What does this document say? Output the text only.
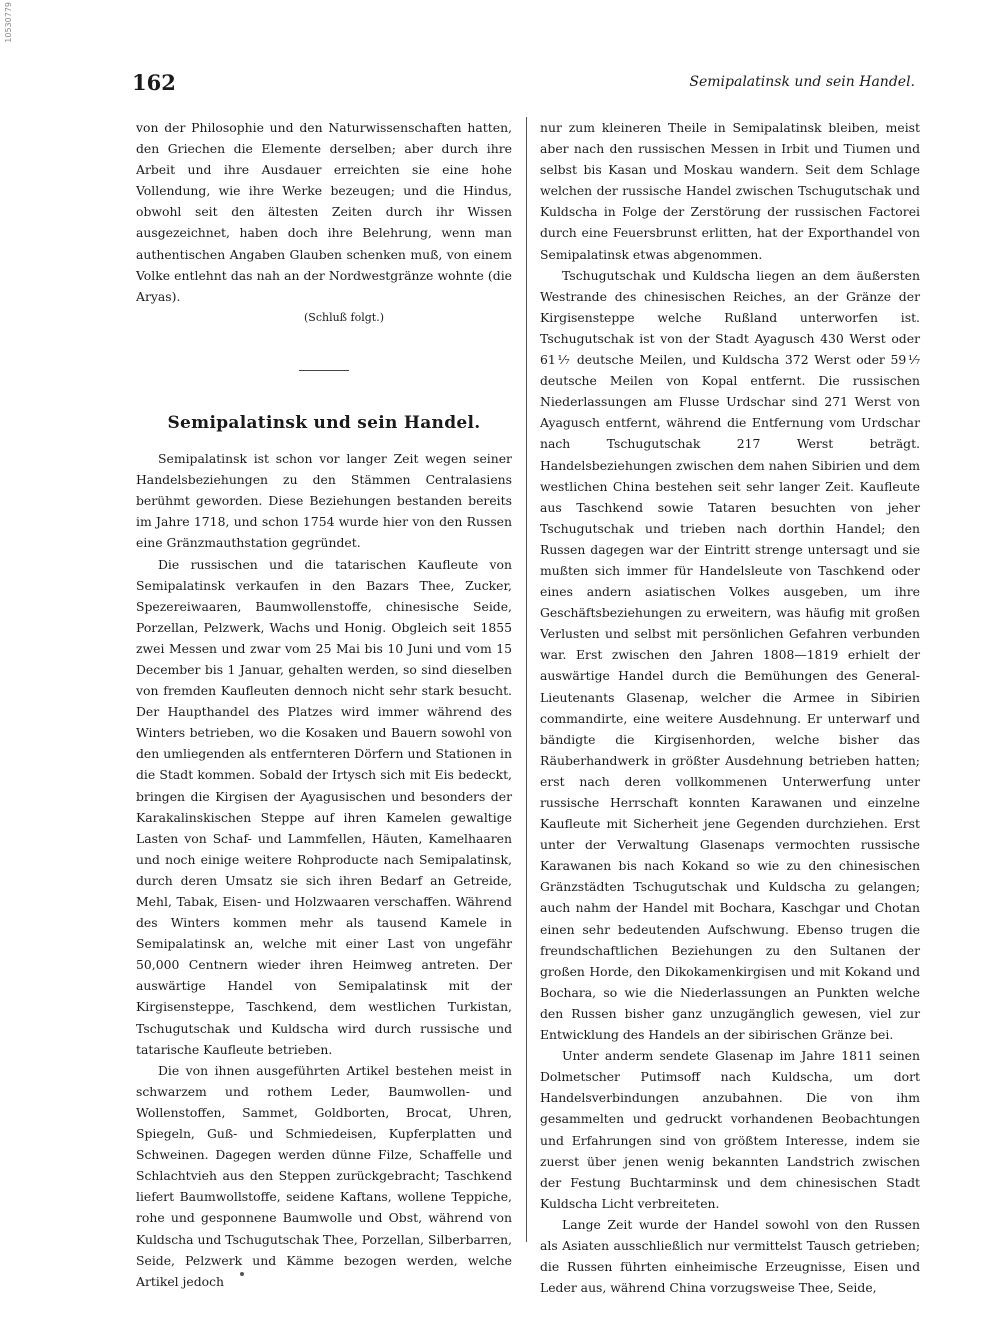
10530779
162	Semipalatinsk und sein Handel.

von der Philosophie und den Naturwissenschaften hatten, den Griechen die Elemente derselben; aber durch ihre Arbeit und ihre Ausdauer erreichten sie eine hohe Vollendung, wie ihre Werke bezeugen; und die Hindus, obwohl seit den ältesten Zeiten durch ihr Wissen ausgezeichnet, haben doch ihre Belehrung, wenn man authentischen Angaben Glauben schenken muß, von einem Volke entlehnt das nah an der Nordwestgränze wohnte (die Aryas).

(Schluß folgt.)

Semipalatinsk und sein Handel.

Semipalatinsk ist schon vor langer Zeit wegen seiner Handelsbeziehungen zu den Stämmen Centralasiens berühmt geworden. Diese Beziehungen bestanden bereits im Jahre 1718, und schon 1754 wurde hier von den Russen eine Gränzmauthstation gegründet.

Die russischen und die tatarischen Kaufleute von Semipalatinsk verkaufen in den Bazars Thee, Zucker, Spezereiwaaren, Baumwollenstoffe, chinesische Seide, Porzellan, Pelzwerk, Wachs und Honig. Obgleich seit 1855 zwei Messen und zwar vom 25 Mai bis 10 Juni und vom 15 December bis 1 Januar, gehalten werden, so sind dieselben von fremden Kaufleuten dennoch nicht sehr stark besucht. Der Haupthandel des Platzes wird immer während des Winters betrieben, wo die Kosaken und Bauern sowohl von den umliegenden als entfernteren Dörfern und Stationen in die Stadt kommen. Sobald der Irtysch sich mit Eis bedeckt, bringen die Kirgisen der Ayagusischen und besonders der Karakalinskischen Steppe auf ihren Kamelen gewaltige Lasten von Schaf- und Lammfellen, Häuten, Kamelhaaren und noch einige weitere Rohproducte nach Semipalatinsk, durch deren Umsatz sie sich ihren Bedarf an Getreide, Mehl, Tabak, Eisen- und Holzwaaren verschaffen. Während des Winters kommen mehr als tausend Kamele in Semipalatinsk an, welche mit einer Last von ungefähr 50,000 Centnern wieder ihren Heimweg antreten. Der auswärtige Handel von Semipalatinsk mit der Kirgisensteppe, Taschkend, dem westlichen Turkistan, Tschugutschak und Kuldscha wird durch russische und tatarische Kaufleute betrieben.

Die von ihnen ausgeführten Artikel bestehen meist in schwarzem und rothem Leder, Baumwollen- und Wollenstoffen, Sammet, Goldborten, Brocat, Uhren, Spiegeln, Guß- und Schmiedeisen, Kupferplatten und Schweinen. Dagegen werden dünne Filze, Schaffelle und Schlachtvieh aus den Steppen zurückgebracht; Taschkend liefert Baumwollstoffe, seidene Kaftans, wollene Teppiche, rohe und gesponnene Baumwolle und Obst, während von Kuldscha und Tschugutschak Thee, Porzellan, Silberbarren, Seide, Pelzwerk und Kämme bezogen werden, welche Artikel jedoch

nur zum kleineren Theile in Semipalatinsk bleiben, meist aber nach den russischen Messen in Irbit und Tiumen und selbst bis Kasan und Moskau wandern. Seit dem Schlage welchen der russische Handel zwischen Tschugutschak und Kuldscha in Folge der Zerstörung der russischen Factorei durch eine Feuersbrunst erlitten, hat der Exporthandel von Semipalatinsk etwas abgenommen.

Tschugutschak und Kuldscha liegen an dem äußersten Westrande des chinesischen Reiches, an der Gränze der Kirgisensteppe welche Rußland unterworfen ist. Tschugutschak ist von der Stadt Ayagusch 430 Werst oder 61⅐ deutsche Meilen, und Kuldscha 372 Werst oder 59⅐ deutsche Meilen von Kopal entfernt. Die russischen Niederlassungen am Flusse Urdschar sind 271 Werst von Ayagusch entfernt, während die Entfernung vom Urdschar nach Tschugutschak 217 Werst beträgt. Handelsbeziehungen zwischen dem nahen Sibirien und dem westlichen China bestehen seit sehr langer Zeit. Kaufleute aus Taschkend sowie Tataren besuchten von jeher Tschugutschak und trieben nach dorthin Handel; den Russen dagegen war der Eintritt strenge untersagt und sie mußten sich immer für Handelsleute von Taschkend oder eines andern asiatischen Volkes ausgeben, um ihre Geschäftsbeziehungen zu erweitern, was häufig mit großen Verlusten und selbst mit persönlichen Gefahren verbunden war. Erst zwischen den Jahren 1808—1819 erhielt der auswärtige Handel durch die Bemühungen des General-Lieutenants Glasenap, welcher die Armee in Sibirien commandirte, eine weitere Ausdehnung. Er unterwarf und bändigte die Kirgisenhorden, welche bisher das Räuberhandwerk in größter Ausdehnung betrieben hatten; erst nach deren vollkommenen Unterwerfung unter russische Herrschaft konnten Karawanen und einzelne Kaufleute mit Sicherheit jene Gegenden durchziehen. Erst unter der Verwaltung Glasenaps vermochten russische Karawanen bis nach Kokand so wie zu den chinesischen Gränzstädten Tschugutschak und Kuldscha zu gelangen; auch nahm der Handel mit Bochara, Kaschgar und Chotan einen sehr bedeutenden Aufschwung. Ebenso trugen die freundschaftlichen Beziehungen zu den Sultanen der großen Horde, den Dikokamenkirgisen und mit Kokand und Bochara, so wie die Niederlassungen an Punkten welche den Russen bisher ganz unzugänglich gewesen, viel zur Entwicklung des Handels an der sibirischen Gränze bei.

Unter anderm sendete Glasenap im Jahre 1811 seinen Dolmetscher Putimsoff nach Kuldscha, um dort Handelsverbindungen anzubahnen. Die von ihm gesammelten und gedruckt vorhandenen Beobachtungen und Erfahrungen sind von größtem Interesse, indem sie zuerst über jenen wenig bekannten Landstrich zwischen der Festung Buchtarminsk und dem chinesischen Stadt Kuldscha Licht verbreiteten.

Lange Zeit wurde der Handel sowohl von den Russen als Asiaten ausschließlich nur vermittelst Tausch getrieben; die Russen führten einheimische Erzeugnisse, Eisen und Leder aus, während China vorzugsweise Thee, Seide,
